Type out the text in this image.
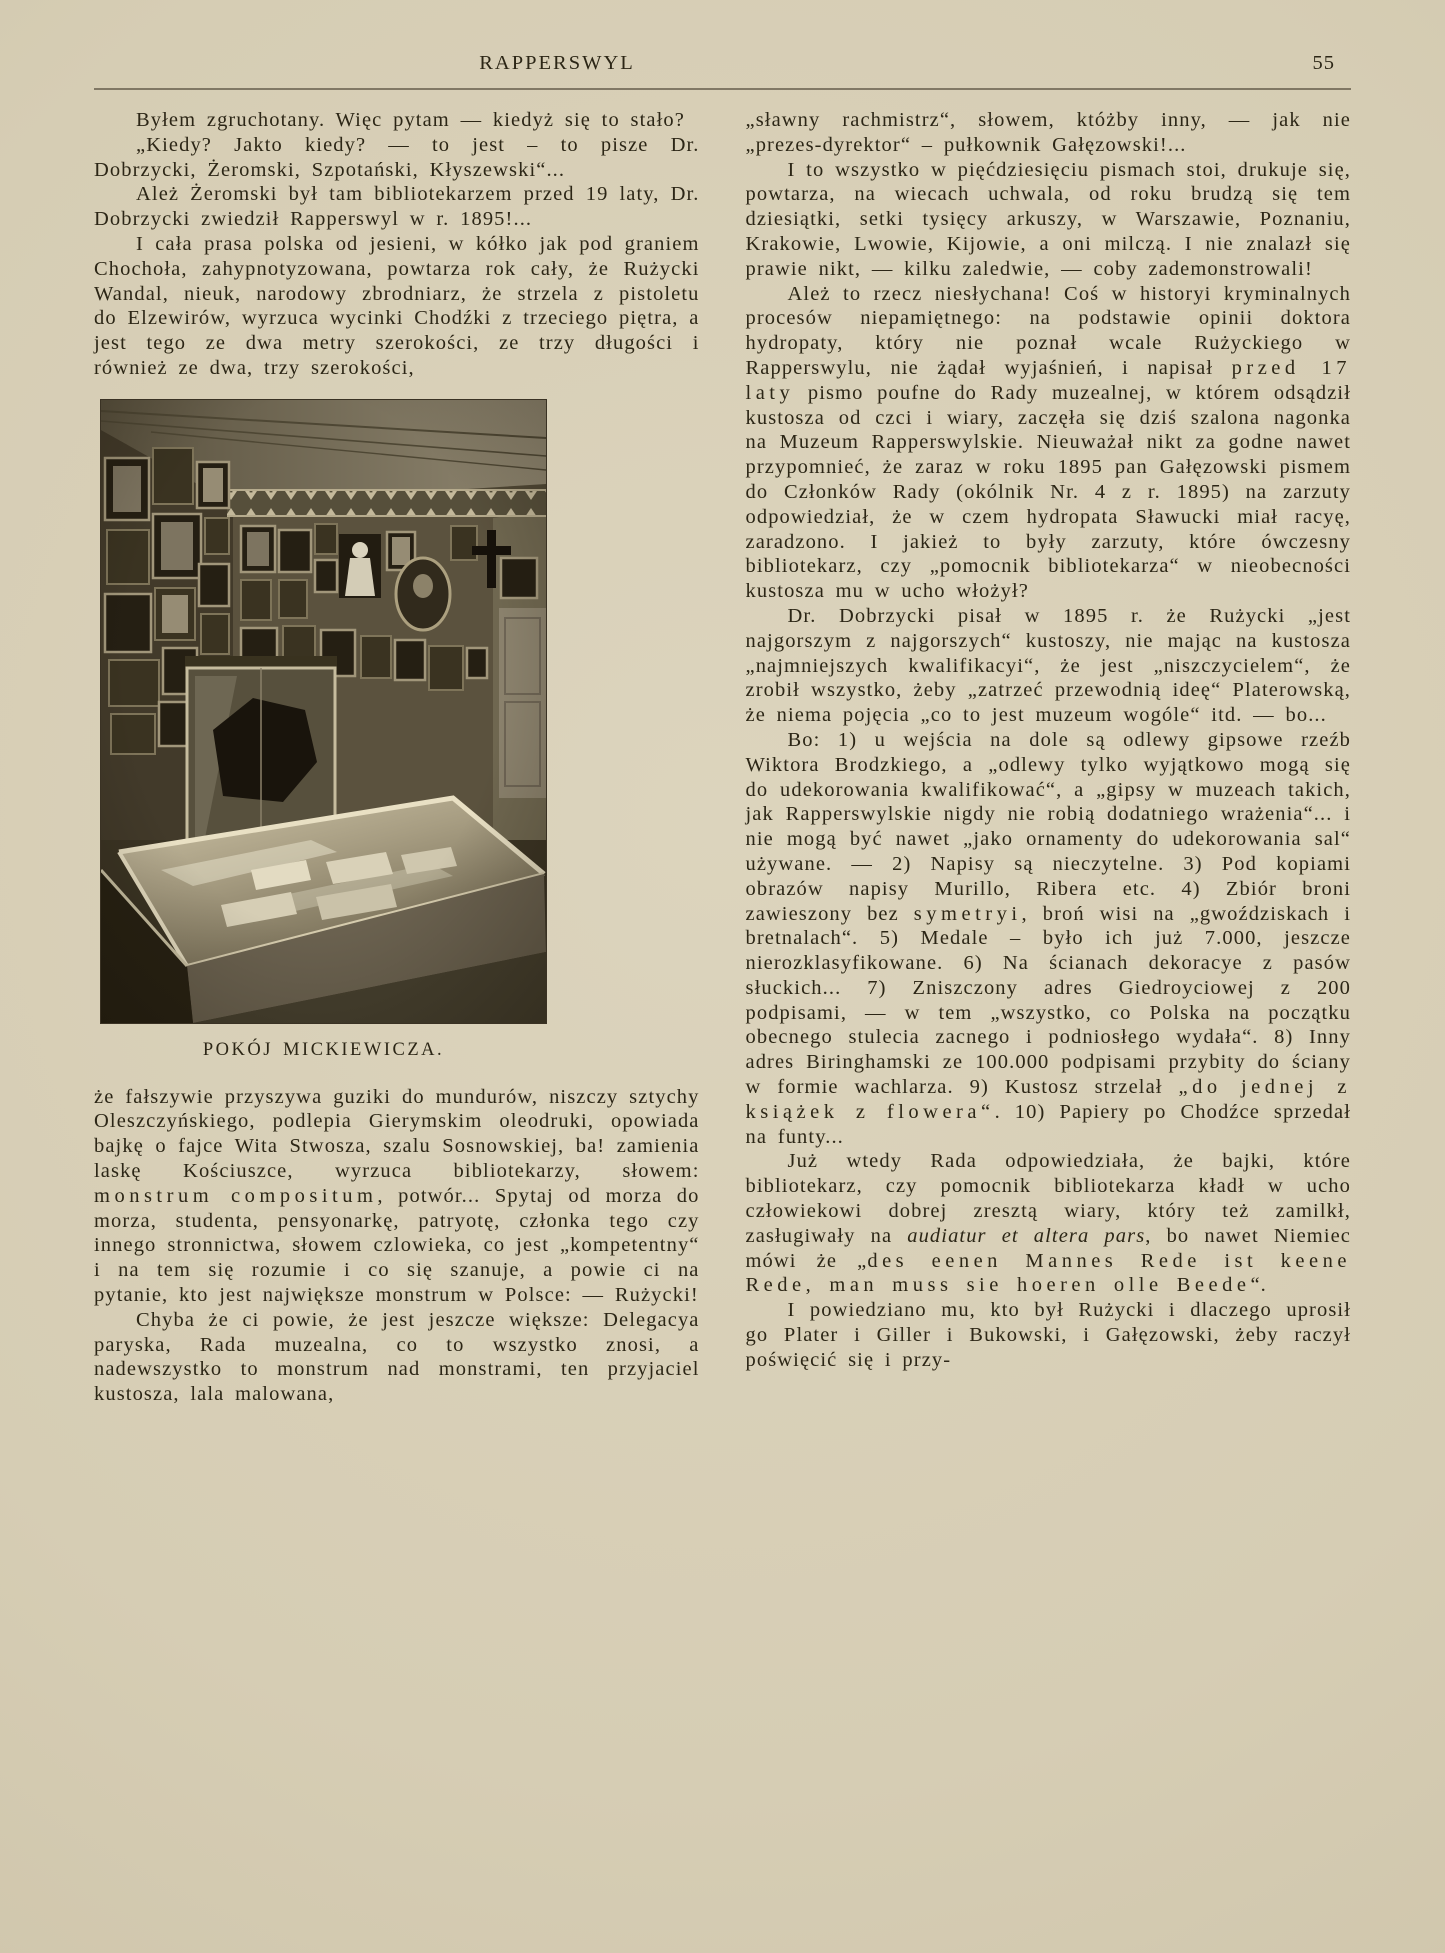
RAPPERSWYL	55

Byłem zgruchotany. Więc pytam — kiedyż się to stało?

„Kiedy? Jakto kiedy? — to jest – to pisze Dr. Dobrzycki, Żeromski, Szpotański, Kłyszewski“...

Ależ Żeromski był tam bibliotekarzem przed 19 laty, Dr. Dobrzycki zwiedził Rapperswyl w r. 1895!...

I cała prasa polska od jesieni, w kółko jak pod graniem Chochoła, zahypnotyzowana, powtarza rok cały, że Rużycki Wandal, nieuk, narodowy zbrodniarz, że strzela z pistoletu do Elzewirów, wyrzuca wycinki Chodźki z trzeciego piętra, a jest tego ze dwa metry szerokości, ze trzy długości i również ze dwa, trzy szerokości,

POKÓJ MICKIEWICZA.

że fałszywie przyszywa guziki do mundurów, niszczy sztychy Oleszczyńskiego, podlepia Gierymskim oleodruki, opowiada bajkę o fajce Wita Stwosza, szalu Sosnowskiej, ba! zamienia laskę Kościuszce, wyrzuca bibliotekarzy, słowem: monstrum compositum, potwór... Spytaj od morza do morza, studenta, pensyonarkę, patryotę, członka tego czy innego stronnictwa, słowem czlowieka, co jest „kompetentny“ i na tem się rozumie i co się szanuje, a powie ci na pytanie, kto jest największe monstrum w Polsce: — Rużycki!

Chyba że ci powie, że jest jeszcze większe: Delegacya paryska, Rada muzealna, co to wszystko znosi, a nadewszystko to monstrum nad monstrami, ten przyjaciel kustosza, lala malowana,

„sławny rachmistrz“, słowem, któżby inny, — jak nie „prezes-dyrektor“ – pułkownik Gałęzowski!...

I to wszystko w pięćdziesięciu pismach stoi, drukuje się, powtarza, na wiecach uchwala, od roku brudzą się tem dziesiątki, setki tysięcy arkuszy, w Warszawie, Poznaniu, Krakowie, Lwowie, Kijowie, a oni milczą. I nie znalazł się prawie nikt, — kilku zaledwie, — coby zademonstrowali!

Ależ to rzecz niesłychana! Coś w historyi kryminalnych procesów niepamiętnego: na podstawie opinii doktora hydropaty, który nie poznał wcale Rużyckiego w Rapperswylu, nie żądał wyjaśnień, i napisał przed 17 laty pismo poufne do Rady muzealnej, w którem odsądził kustosza od czci i wiary, zaczęła się dziś szalona nagonka na Muzeum Rapperswylskie. Nieuważał nikt za godne nawet przypomnieć, że zaraz w roku 1895 pan Gałęzowski pismem do Członków Rady (okólnik Nr. 4 z r. 1895) na zarzuty odpowiedział, że w czem hydropata Sławucki miał racyę, zaradzono. I jakież to były zarzuty, które ówczesny bibliotekarz, czy „pomocnik bibliotekarza“ w nieobecności kustosza mu w ucho włożył?

Dr. Dobrzycki pisał w 1895 r. że Rużycki „jest najgorszym z najgorszych“ kustoszy, nie mając na kustosza „najmniejszych kwalifikacyi“, że jest „niszczycielem“, że zrobił wszystko, żeby „zatrzeć przewodnią ideę“ Platerowską, że niema pojęcia „co to jest muzeum wogóle“ itd. — bo...

Bo: 1) u wejścia na dole są odlewy gipsowe rzeźb Wiktora Brodzkiego, a „odlewy tylko wyjątkowo mogą się do udekorowania kwalifikować“, a „gipsy w muzeach takich, jak Rapperswylskie nigdy nie robią dodatniego wrażenia“... i nie mogą być nawet „jako ornamenty do udekorowania sal“ używane. — 2) Napisy są nieczytelne. 3) Pod kopiami obrazów napisy Murillo, Ribera etc. 4) Zbiór broni zawieszony bez symetryi, broń wisi na „gwoździskach i bretnalach“. 5) Medale – było ich już 7.000, jeszcze nierozklasyfikowane. 6) Na ścianach dekoracye z pasów słuckich... 7) Zniszczony adres Giedroyciowej z 200 podpisami, — w tem „wszystko, co Polska na początku obecnego stulecia zacnego i podniosłego wydała“. 8) Inny adres Biringhamski ze 100.000 podpisami przybity do ściany w formie wachlarza. 9) Kustosz strzelał „do jednej z książek z flowera“. 10) Papiery po Chodźce sprzedał na funty...

Już wtedy Rada odpowiedziała, że bajki, które bibliotekarz, czy pomocnik bibliotekarza kładł w ucho człowiekowi dobrej zresztą wiary, który też zamilkł, zasługiwały na audiatur et altera pars, bo nawet Niemiec mówi że „des eenen Mannes Rede ist keene Rede, man muss sie hoeren olle Beede“.

I powiedziano mu, kto był Rużycki i dlaczego uprosił go Plater i Giller i Bukowski, i Gałęzowski, żeby raczył poświęcić się i przy-
